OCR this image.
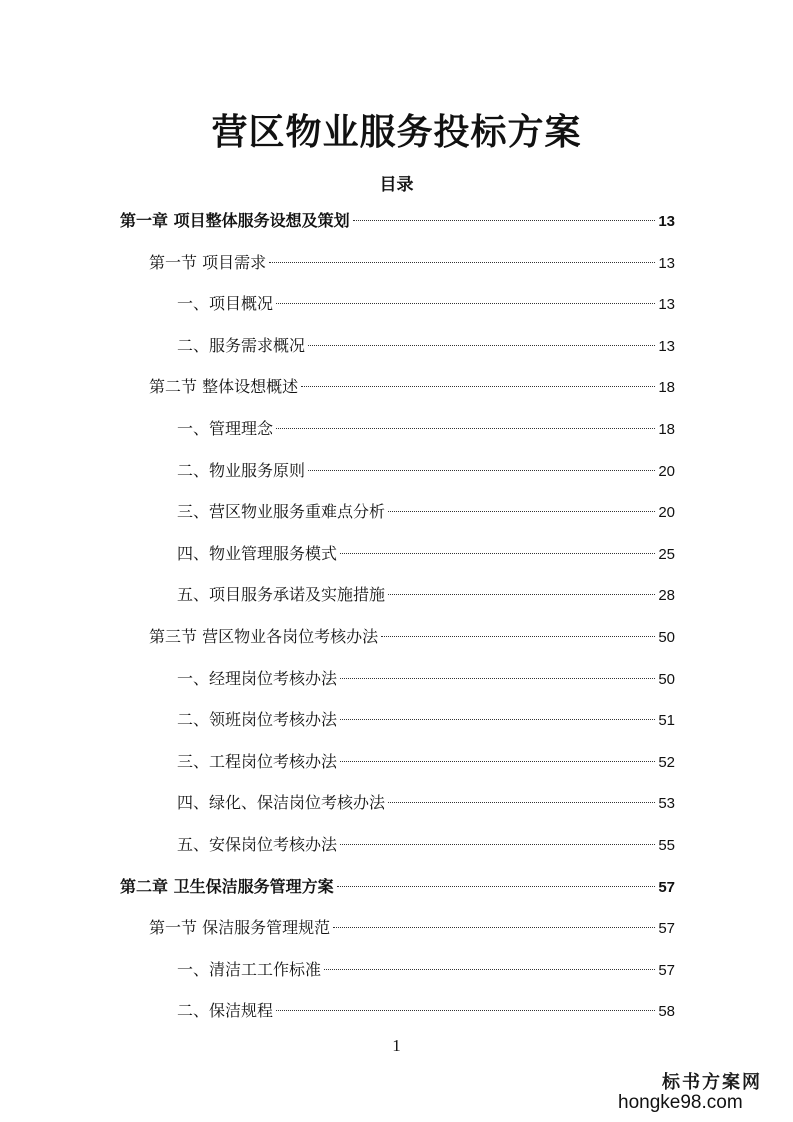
营区物业服务投标方案
目录
第一章 项目整体服务设想及策划	13
第一节 项目需求	13
一、项目概况	13
二、服务需求概况	13
第二节 整体设想概述	18
一、管理理念	18
二、物业服务原则	20
三、营区物业服务重难点分析	20
四、物业管理服务模式	25
五、项目服务承诺及实施措施	28
第三节 营区物业各岗位考核办法	50
一、经理岗位考核办法	50
二、领班岗位考核办法	51
三、工程岗位考核办法	52
四、绿化、保洁岗位考核办法	53
五、安保岗位考核办法	55
第二章 卫生保洁服务管理方案	57
第一节 保洁服务管理规范	57
一、清洁工工作标准	57
二、保洁规程	58
1
标书方案网
hongke98.com
